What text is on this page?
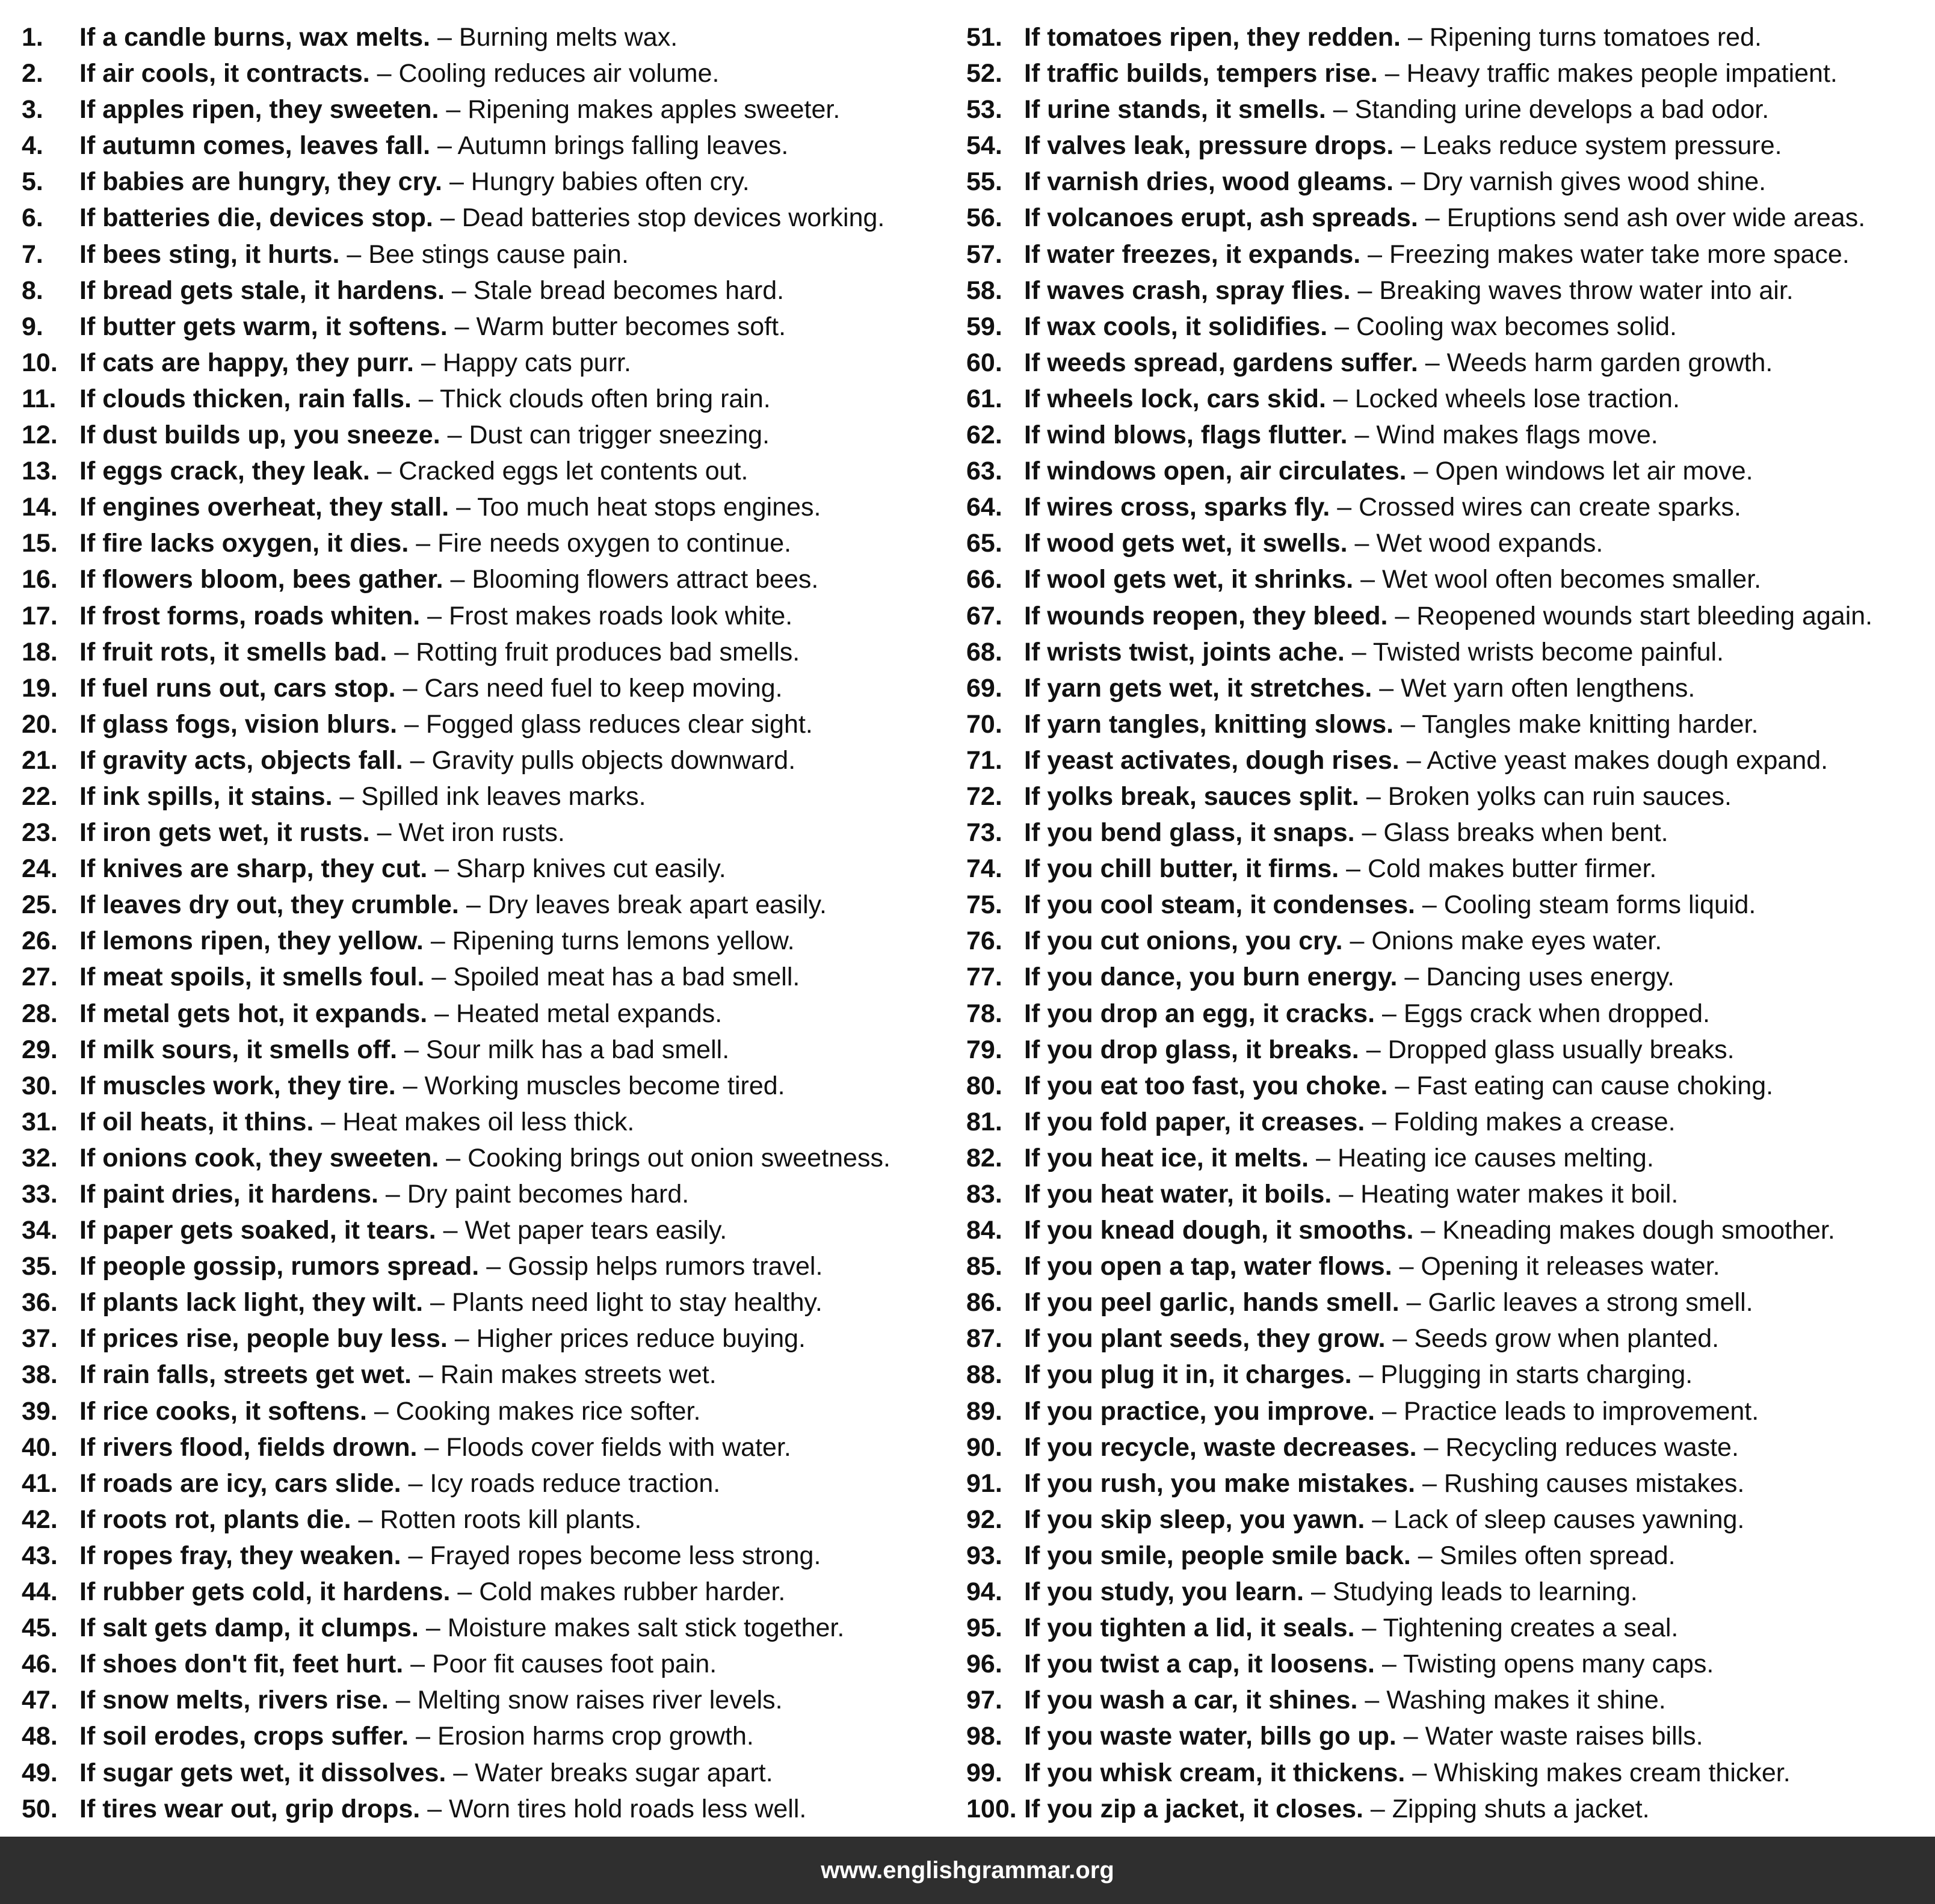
1.	If a candle burns, wax melts. – Burning melts wax.
2.	If air cools, it contracts. – Cooling reduces air volume.
3.	If apples ripen, they sweeten. – Ripening makes apples sweeter.
4.	If autumn comes, leaves fall. – Autumn brings falling leaves.
5.	If babies are hungry, they cry. – Hungry babies often cry.
6.	If batteries die, devices stop. – Dead batteries stop devices working.
7.	If bees sting, it hurts. – Bee stings cause pain.
8.	If bread gets stale, it hardens. – Stale bread becomes hard.
9.	If butter gets warm, it softens. – Warm butter becomes soft.
10. If cats are happy, they purr. – Happy cats purr.
11. If clouds thicken, rain falls. – Thick clouds often bring rain.
12. If dust builds up, you sneeze. – Dust can trigger sneezing.
13. If eggs crack, they leak. – Cracked eggs let contents out.
14. If engines overheat, they stall. – Too much heat stops engines.
15. If fire lacks oxygen, it dies. – Fire needs oxygen to continue.
16. If flowers bloom, bees gather. – Blooming flowers attract bees.
17. If frost forms, roads whiten. – Frost makes roads look white.
18. If fruit rots, it smells bad. – Rotting fruit produces bad smells.
19. If fuel runs out, cars stop. – Cars need fuel to keep moving.
20. If glass fogs, vision blurs. – Fogged glass reduces clear sight.
21. If gravity acts, objects fall. – Gravity pulls objects downward.
22. If ink spills, it stains. – Spilled ink leaves marks.
23. If iron gets wet, it rusts. – Wet iron rusts.
24. If knives are sharp, they cut. – Sharp knives cut easily.
25. If leaves dry out, they crumble. – Dry leaves break apart easily.
26. If lemons ripen, they yellow. – Ripening turns lemons yellow.
27. If meat spoils, it smells foul. – Spoiled meat has a bad smell.
28. If metal gets hot, it expands. – Heated metal expands.
29. If milk sours, it smells off. – Sour milk has a bad smell.
30. If muscles work, they tire. – Working muscles become tired.
31. If oil heats, it thins. – Heat makes oil less thick.
32. If onions cook, they sweeten. – Cooking brings out onion sweetness.
33. If paint dries, it hardens. – Dry paint becomes hard.
34. If paper gets soaked, it tears. – Wet paper tears easily.
35. If people gossip, rumors spread. – Gossip helps rumors travel.
36. If plants lack light, they wilt. – Plants need light to stay healthy.
37. If prices rise, people buy less. – Higher prices reduce buying.
38. If rain falls, streets get wet. – Rain makes streets wet.
39. If rice cooks, it softens. – Cooking makes rice softer.
40. If rivers flood, fields drown. – Floods cover fields with water.
41. If roads are icy, cars slide. – Icy roads reduce traction.
42. If roots rot, plants die. – Rotten roots kill plants.
43. If ropes fray, they weaken. – Frayed ropes become less strong.
44. If rubber gets cold, it hardens. – Cold makes rubber harder.
45. If salt gets damp, it clumps. – Moisture makes salt stick together.
46. If shoes don't fit, feet hurt. – Poor fit causes foot pain.
47. If snow melts, rivers rise. – Melting snow raises river levels.
48. If soil erodes, crops suffer. – Erosion harms crop growth.
49. If sugar gets wet, it dissolves. – Water breaks sugar apart.
50. If tires wear out, grip drops. – Worn tires hold roads less well.
51. If tomatoes ripen, they redden. – Ripening turns tomatoes red.
52. If traffic builds, tempers rise. – Heavy traffic makes people impatient.
53. If urine stands, it smells. – Standing urine develops a bad odor.
54. If valves leak, pressure drops. – Leaks reduce system pressure.
55. If varnish dries, wood gleams. – Dry varnish gives wood shine.
56. If volcanoes erupt, ash spreads. – Eruptions send ash over wide areas.
57. If water freezes, it expands. – Freezing makes water take more space.
58. If waves crash, spray flies. – Breaking waves throw water into air.
59. If wax cools, it solidifies. – Cooling wax becomes solid.
60. If weeds spread, gardens suffer. – Weeds harm garden growth.
61. If wheels lock, cars skid. – Locked wheels lose traction.
62. If wind blows, flags flutter. – Wind makes flags move.
63. If windows open, air circulates. – Open windows let air move.
64. If wires cross, sparks fly. – Crossed wires can create sparks.
65. If wood gets wet, it swells. – Wet wood expands.
66. If wool gets wet, it shrinks. – Wet wool often becomes smaller.
67. If wounds reopen, they bleed. – Reopened wounds start bleeding again.
68. If wrists twist, joints ache. – Twisted wrists become painful.
69. If yarn gets wet, it stretches. – Wet yarn often lengthens.
70. If yarn tangles, knitting slows. – Tangles make knitting harder.
71. If yeast activates, dough rises. – Active yeast makes dough expand.
72. If yolks break, sauces split. – Broken yolks can ruin sauces.
73. If you bend glass, it snaps. – Glass breaks when bent.
74. If you chill butter, it firms. – Cold makes butter firmer.
75. If you cool steam, it condenses. – Cooling steam forms liquid.
76. If you cut onions, you cry. – Onions make eyes water.
77. If you dance, you burn energy. – Dancing uses energy.
78. If you drop an egg, it cracks. – Eggs crack when dropped.
79. If you drop glass, it breaks. – Dropped glass usually breaks.
80. If you eat too fast, you choke. – Fast eating can cause choking.
81. If you fold paper, it creases. – Folding makes a crease.
82. If you heat ice, it melts. – Heating ice causes melting.
83. If you heat water, it boils. – Heating water makes it boil.
84. If you knead dough, it smooths. – Kneading makes dough smoother.
85. If you open a tap, water flows. – Opening it releases water.
86. If you peel garlic, hands smell. – Garlic leaves a strong smell.
87. If you plant seeds, they grow. – Seeds grow when planted.
88. If you plug it in, it charges. – Plugging in starts charging.
89. If you practice, you improve. – Practice leads to improvement.
90. If you recycle, waste decreases. – Recycling reduces waste.
91. If you rush, you make mistakes. – Rushing causes mistakes.
92. If you skip sleep, you yawn. – Lack of sleep causes yawning.
93. If you smile, people smile back. – Smiles often spread.
94. If you study, you learn. – Studying leads to learning.
95. If you tighten a lid, it seals. – Tightening creates a seal.
96. If you twist a cap, it loosens. – Twisting opens many caps.
97. If you wash a car, it shines. – Washing makes it shine.
98. If you waste water, bills go up. – Water waste raises bills.
99. If you whisk cream, it thickens. – Whisking makes cream thicker.
100. If you zip a jacket, it closes. – Zipping shuts a jacket.
www.englishgrammar.org
